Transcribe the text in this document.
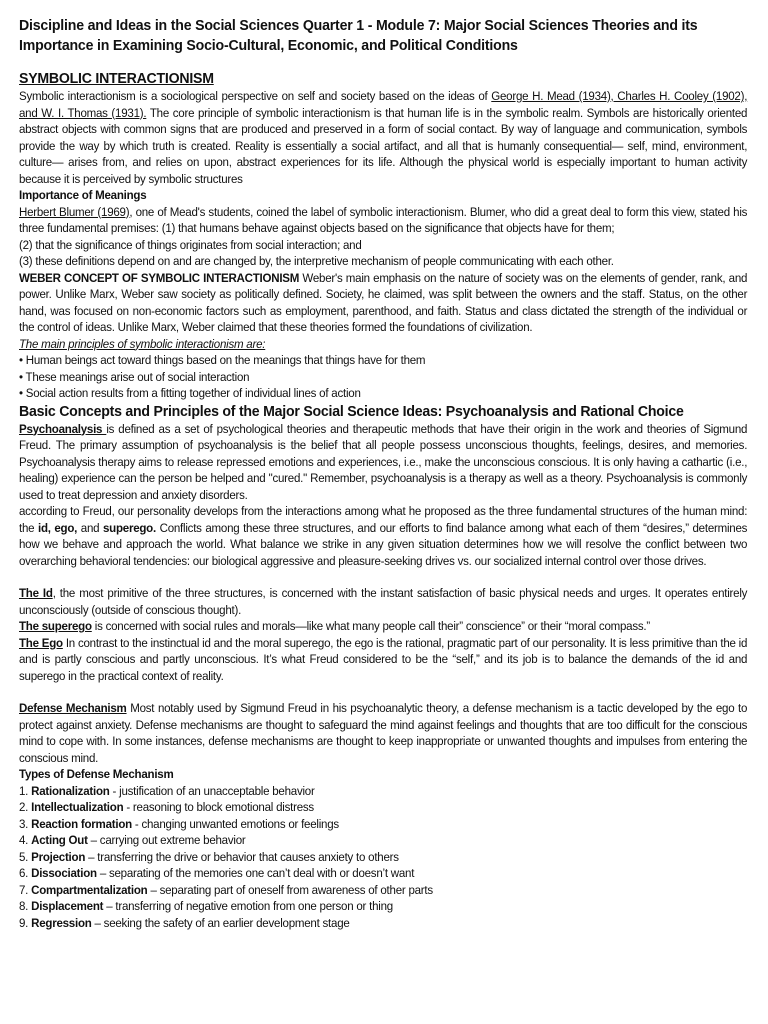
Discipline and Ideas in the Social Sciences Quarter 1 - Module 7: Major Social Sciences Theories and its Importance in Examining Socio-Cultural, Economic, and Political Conditions
SYMBOLIC INTERACTIONISM

Symbolic interactionism is a sociological perspective on self and society based on the ideas of George H. Mead (1934), Charles H. Cooley (1902), and W. I. Thomas (1931). The core principle of symbolic interactionism is that human life is in the symbolic realm. Symbols are historically oriented abstract objects with common signs that are produced and preserved in a form of social contact. By way of language and communication, symbols provide the way by which truth is created. Reality is essentially a social artifact, and all that is humanly consequential— self, mind, environment, culture— arises from, and relies on upon, abstract experiences for its life. Although the physical world is especially important to human activity because it is perceived by symbolic structures

Importance of Meanings

Herbert Blumer (1969), one of Mead's students, coined the label of symbolic interactionism. Blumer, who did a great deal to form this view, stated his three fundamental premises: (1) that humans behave against objects based on the significance that objects have for them;

(2) that the significance of things originates from social interaction; and

(3) these definitions depend on and are changed by, the interpretive mechanism of people communicating with each other.

WEBER CONCEPT OF SYMBOLIC INTERACTIONISM Weber's main emphasis on the nature of society was on the elements of gender, rank, and power. Unlike Marx, Weber saw society as politically defined. Society, he claimed, was split between the owners and the staff. Status, on the other hand, was focused on non-economic factors such as employment, parenthood, and faith. Status and class dictated the strength of the individual or the control of ideas. Unlike Marx, Weber claimed that these theories formed the foundations of civilization.

The main principles of symbolic interactionism are:

• Human beings act toward things based on the meanings that things have for them
• These meanings arise out of social interaction
• Social action results from a fitting together of individual lines of action
Basic Concepts and Principles of the Major Social Science Ideas: Psychoanalysis and Rational Choice

Psychoanalysis is defined as a set of psychological theories and therapeutic methods that have their origin in the work and theories of Sigmund Freud. The primary assumption of psychoanalysis is the belief that all people possess unconscious thoughts, feelings, desires, and memories. Psychoanalysis therapy aims to release repressed emotions and experiences, i.e., make the unconscious conscious. It is only having a cathartic (i.e., healing) experience can the person be helped and "cured." Remember, psychoanalysis is a therapy as well as a theory. Psychoanalysis is commonly used to treat depression and anxiety disorders.

according to Freud, our personality develops from the interactions among what he proposed as the three fundamental structures of the human mind: the id, ego, and superego. Conflicts among these three structures, and our efforts to find balance among what each of them “desires,” determines how we behave and approach the world. What balance we strike in any given situation determines how we will resolve the conflict between two overarching behavioral tendencies: our biological aggressive and pleasure-seeking drives vs. our socialized internal control over those drives.

The Id, the most primitive of the three structures, is concerned with the instant satisfaction of basic physical needs and urges. It operates entirely unconsciously (outside of conscious thought).

The superego is concerned with social rules and morals—like what many people call their” conscience” or their “moral compass.”

The Ego In contrast to the instinctual id and the moral superego, the ego is the rational, pragmatic part of our personality. It is less primitive than the id and is partly conscious and partly unconscious. It’s what Freud considered to be the “self,” and its job is to balance the demands of the id and superego in the practical context of reality.

Defense Mechanism Most notably used by Sigmund Freud in his psychoanalytic theory, a defense mechanism is a tactic developed by the ego to protect against anxiety. Defense mechanisms are thought to safeguard the mind against feelings and thoughts that are too difficult for the conscious mind to cope with. In some instances, defense mechanisms are thought to keep inappropriate or unwanted thoughts and impulses from entering the conscious mind.

Types of Defense Mechanism

1. Rationalization - justification of an unacceptable behavior
2. Intellectualization - reasoning to block emotional distress
3. Reaction formation - changing unwanted emotions or feelings
4. Acting Out – carrying out extreme behavior
5. Projection – transferring the drive or behavior that causes anxiety to others
6. Dissociation – separating of the memories one can’t deal with or doesn’t want
7. Compartmentalization – separating part of oneself from awareness of other parts
8. Displacement – transferring of negative emotion from one person or thing
9. Regression – seeking the safety of an earlier development stage
